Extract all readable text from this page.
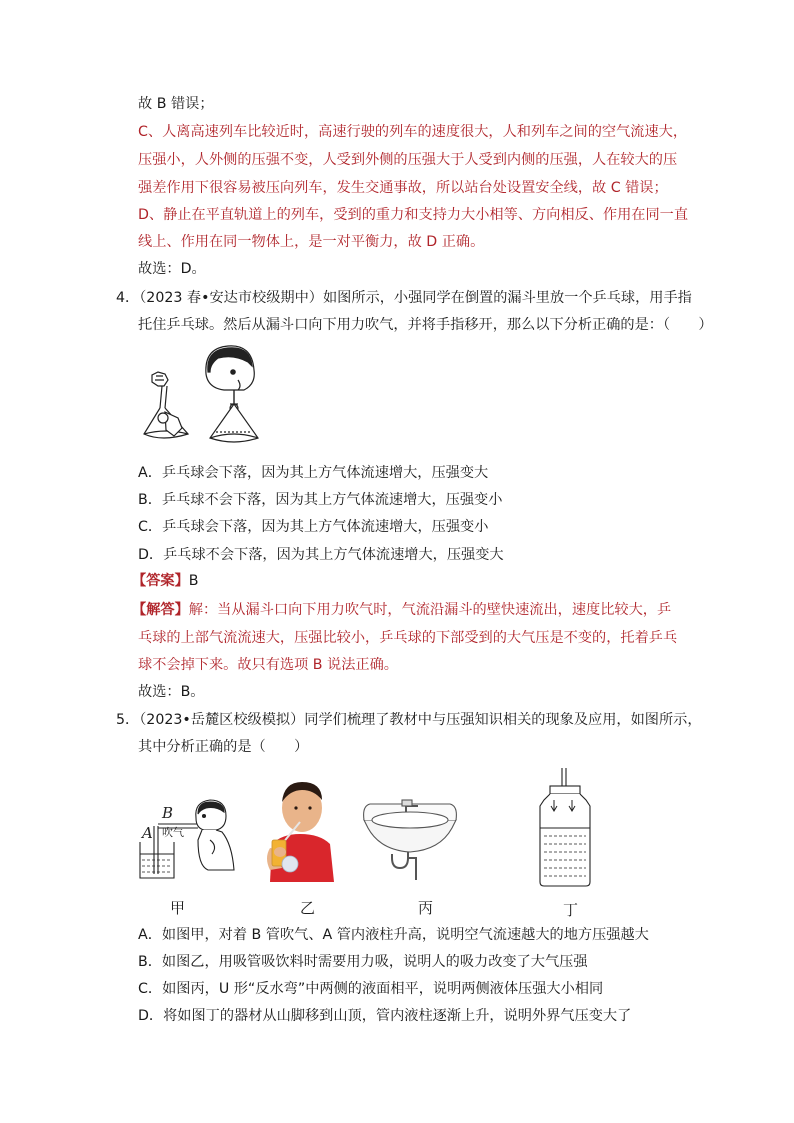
故 B 错误；
C、人离高速列车比较近时，高速行驶的列车的速度很大，人和列车之间的空气流速大，
压强小，人外侧的压强不变，人受到外侧的压强大于人受到内侧的压强，人在较大的压
强差作用下很容易被压向列车，发生交通事故，所以站台处设置安全线，故 C 错误；
D、静止在平直轨道上的列车，受到的重力和支持力大小相等、方向相反、作用在同一直
线上、作用在同一物体上，是一对平衡力，故 D 正确。
故选：D。
4．（2023 春•安达市校级期中）如图所示，小强同学在倒置的漏斗里放一个乒乓球，用手指
托住乒乓球。然后从漏斗口向下用力吹气，并将手指移开，那么以下分析正确的是：（　　）
A．乒乓球会下落，因为其上方气体流速增大，压强变大
B．乒乓球不会下落，因为其上方气体流速增大，压强变小
C．乒乓球会下落，因为其上方气体流速增大，压强变小
D．乒乓球不会下落，因为其上方气体流速增大，压强变大
【答案】B
【解答】解：当从漏斗口向下用力吹气时，气流沿漏斗的壁快速流出，速度比较大，乒
乓球的上部气流流速大，压强比较小，乒乓球的下部受到的大气压是不变的，托着乒乓
球不会掉下来。故只有选项 B 说法正确。
故选：B。
5．（2023•岳麓区校级模拟）同学们梳理了教材中与压强知识相关的现象及应用，如图所示，
其中分析正确的是（　　）
B
A 吹气
甲	乙	丙	丁
A．如图甲，对着 B 管吹气、A 管内液柱升高，说明空气流速越大的地方压强越大
B．如图乙，用吸管吸饮料时需要用力吸，说明人的吸力改变了大气压强
C．如图丙，U 形“反水弯”中两侧的液面相平，说明两侧液体压强大小相同
D．将如图丁的器材从山脚移到山顶，管内液柱逐渐上升，说明外界气压变大了
